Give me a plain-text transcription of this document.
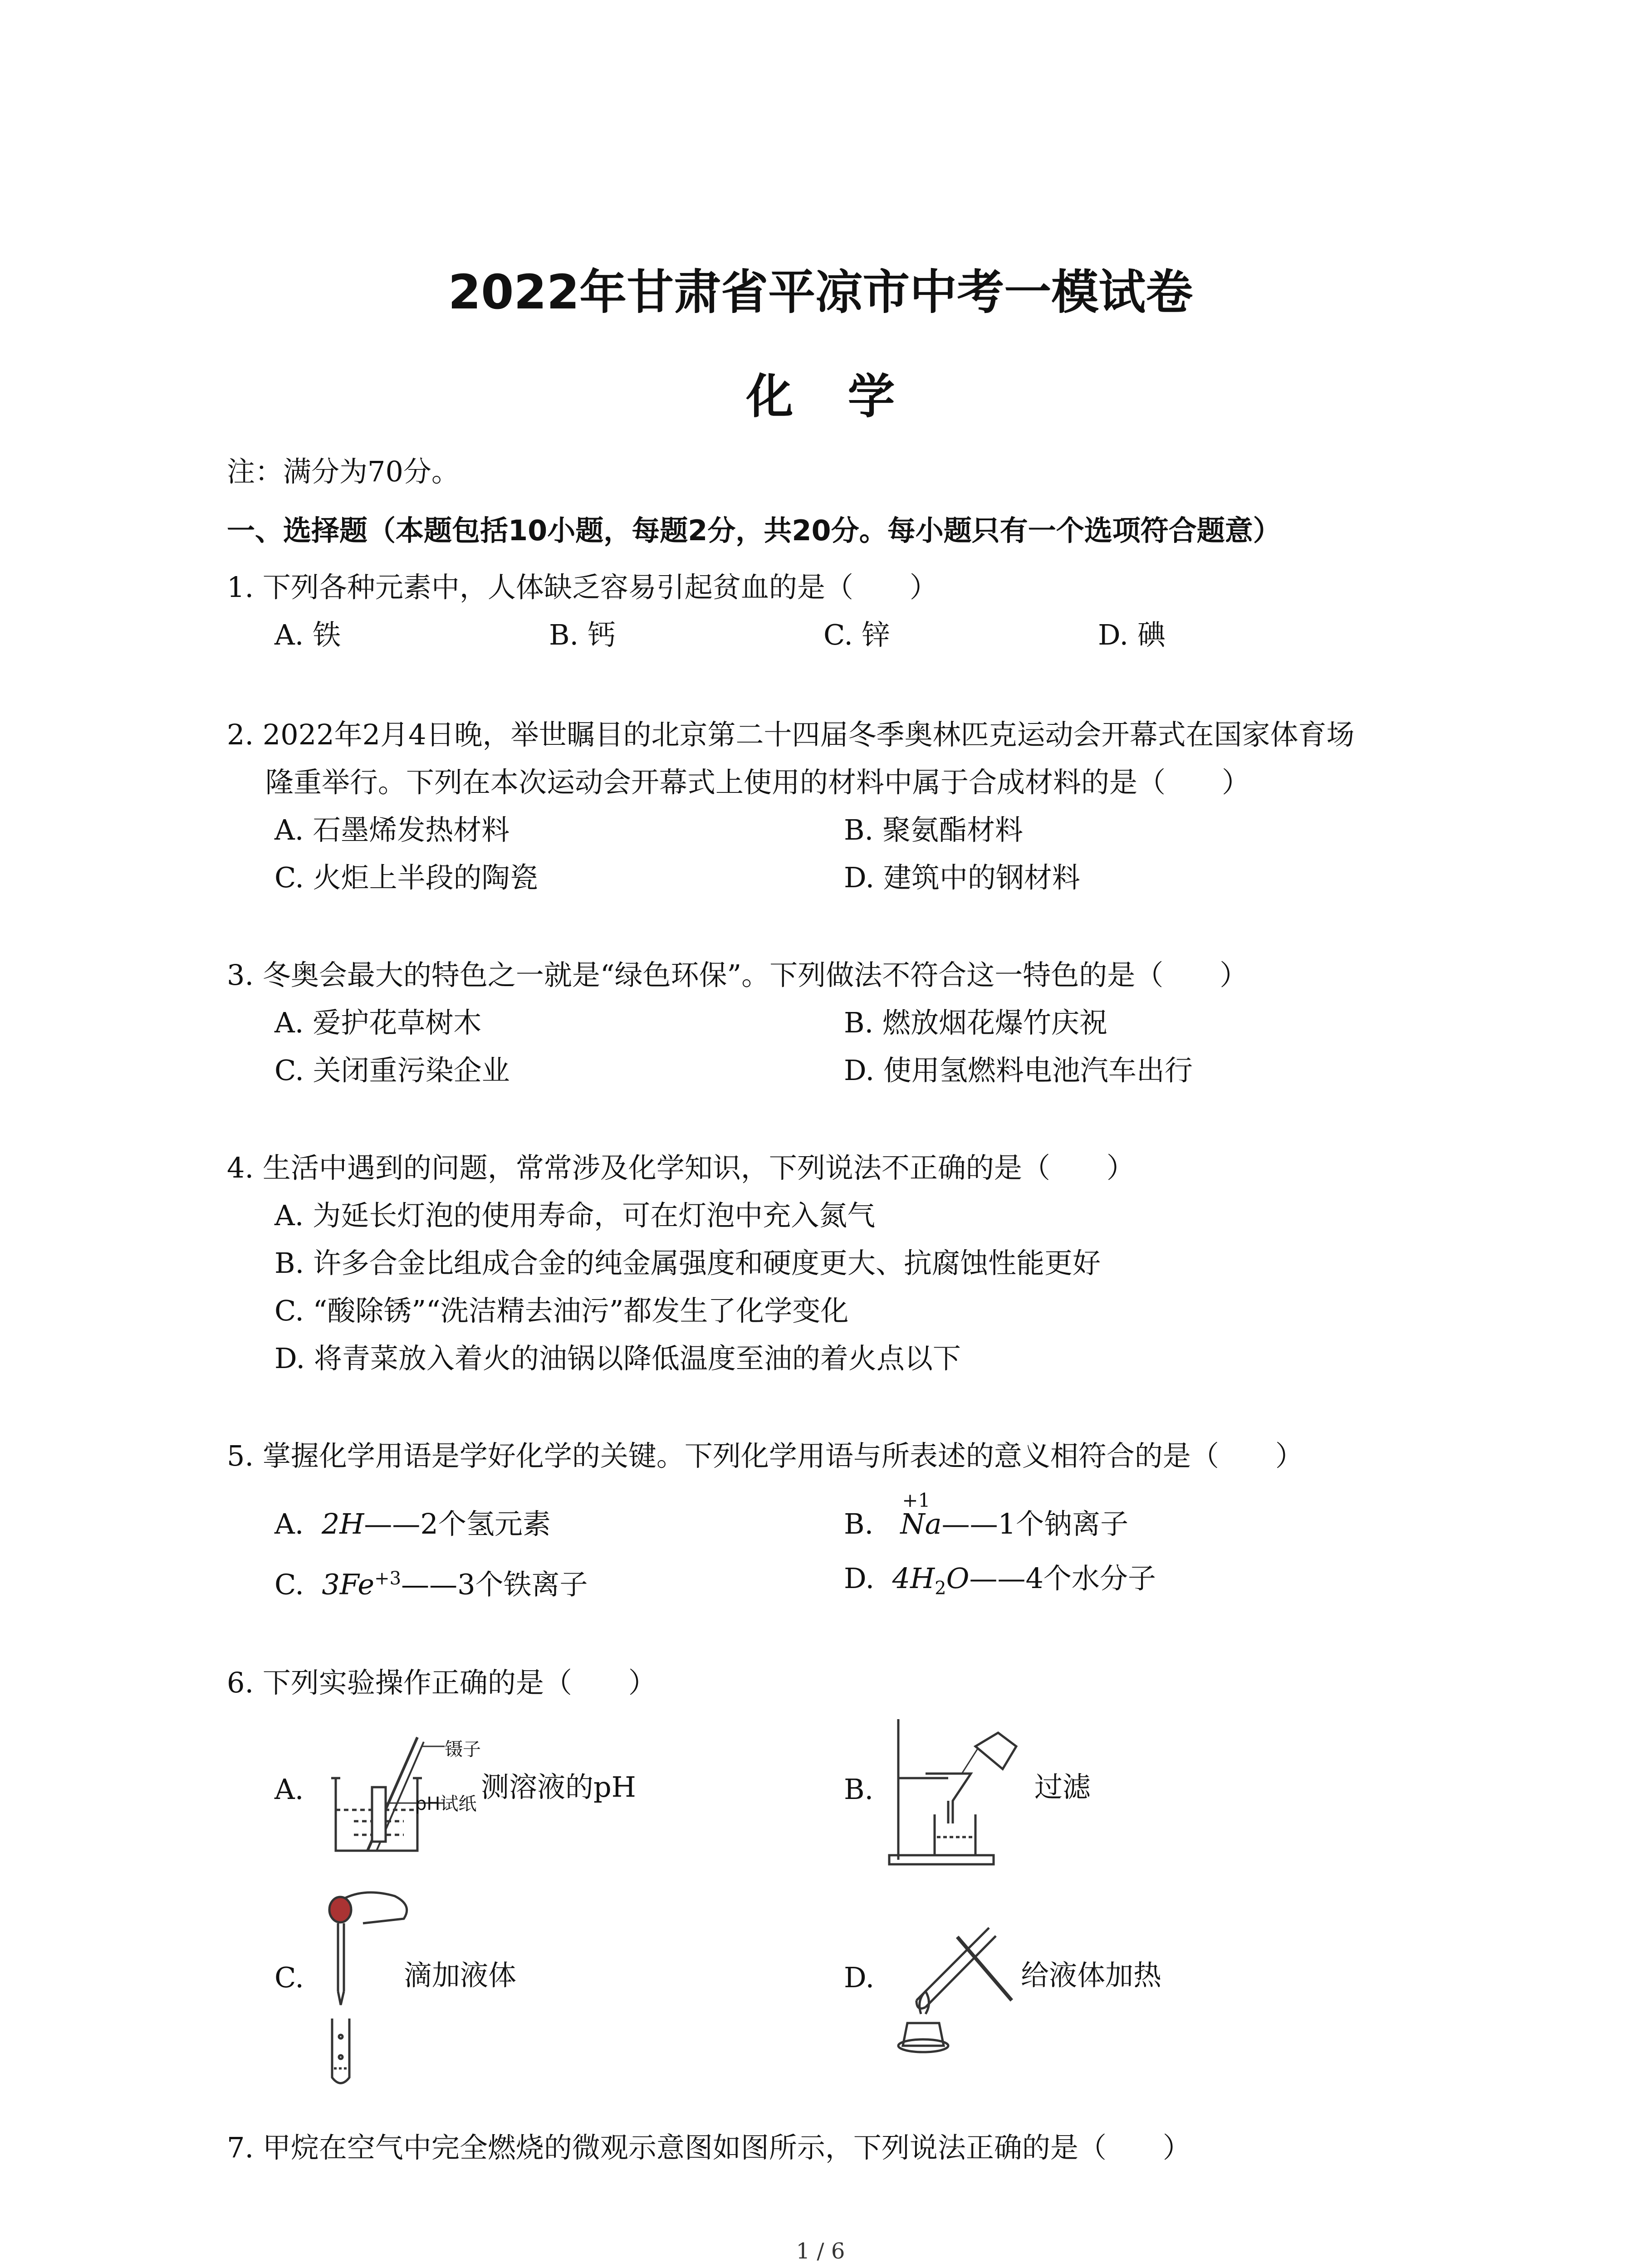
2022年甘肃省平凉市中考一模试卷
化学
注：满分为70分。
一、选择题（本题包括10小题，每题2分，共20分。每小题只有一个选项符合题意）
1. 下列各种元素中，人体缺乏容易引起贫血的是（　　）
A. 铁	B. 钙	C. 锌	D. 碘
2. 2022年2月4日晚，举世瞩目的北京第二十四届冬季奥林匹克运动会开幕式在国家体育场
隆重举行。下列在本次运动会开幕式上使用的材料中属于合成材料的是（　　）
A. 石墨烯发热材料	B. 聚氨酯材料
C. 火炬上半段的陶瓷	D. 建筑中的钢材料
3. 冬奥会最大的特色之一就是“绿色环保”。下列做法不符合这一特色的是（　　）
A. 爱护花草树木	B. 燃放烟花爆竹庆祝
C. 关闭重污染企业	D. 使用氢燃料电池汽车出行
4. 生活中遇到的问题，常常涉及化学知识，下列说法不正确的是（　　）
A. 为延长灯泡的使用寿命，可在灯泡中充入氮气
B. 许多合金比组成合金的纯金属强度和硬度更大、抗腐蚀性能更好
C. “酸除锈”“洗洁精去油污”都发生了化学变化
D. 将青菜放入着火的油锅以降低温度至油的着火点以下
5. 掌握化学用语是学好化学的关键。下列化学用语与所表述的意义相符合的是（　　）
A. 2H——2个氢元素	B.
+1
Na——1个钠离子
C. $3Fe^{+3}——3$个铁离子	D. $4H_2O——4$个水分子
6. 下列实验操作正确的是（　　）
A.
镊子
pH试纸
测溶液的pH	B.	过滤
C.	滴加液体	D.	给液体加热
7. 甲烷在空气中完全燃烧的微观示意图如图所示，下列说法正确的是（　　）
1 / 6
